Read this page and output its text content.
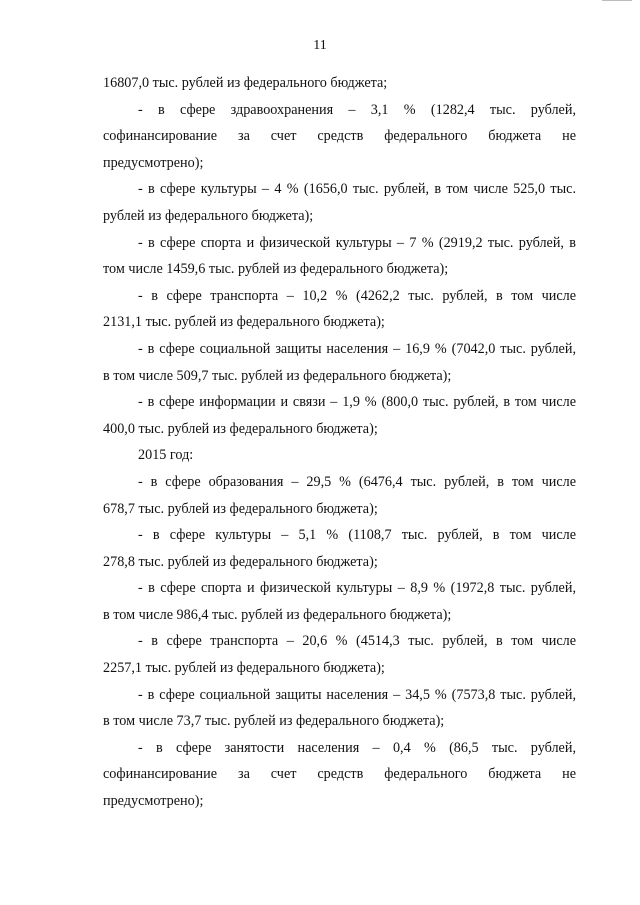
11
16807,0 тыс. рублей из федерального бюджета;
- в сфере здравоохранения – 3,1 % (1282,4 тыс. рублей,
софинансирование за счет средств федерального бюджета не
предусмотрено);
- в сфере культуры – 4 % (1656,0 тыс. рублей, в том числе 525,0 тыс.
рублей из федерального бюджета);
- в сфере спорта и физической культуры – 7 % (2919,2 тыс. рублей, в
том числе 1459,6 тыс. рублей из федерального бюджета);
- в сфере транспорта – 10,2 % (4262,2 тыс. рублей, в том числе
2131,1 тыс. рублей из федерального бюджета);
- в сфере социальной защиты населения – 16,9 % (7042,0 тыс. рублей,
в том числе 509,7 тыс. рублей из федерального бюджета);
- в сфере информации и связи – 1,9 % (800,0 тыс. рублей, в том числе
400,0 тыс. рублей из федерального бюджета);
2015 год:
- в сфере образования – 29,5 % (6476,4 тыс. рублей, в том числе
678,7 тыс. рублей из федерального бюджета);
- в сфере культуры – 5,1 % (1108,7 тыс. рублей, в том числе
278,8 тыс. рублей из федерального бюджета);
- в сфере спорта и физической культуры – 8,9 % (1972,8 тыс. рублей,
в том числе 986,4 тыс. рублей из федерального бюджета);
- в сфере транспорта – 20,6 % (4514,3 тыс. рублей, в том числе
2257,1 тыс. рублей из федерального бюджета);
- в сфере социальной защиты населения – 34,5 % (7573,8 тыс. рублей,
в том числе 73,7 тыс. рублей из федерального бюджета);
- в сфере занятости населения – 0,4 % (86,5 тыс. рублей,
софинансирование за счет средств федерального бюджета не
предусмотрено);
